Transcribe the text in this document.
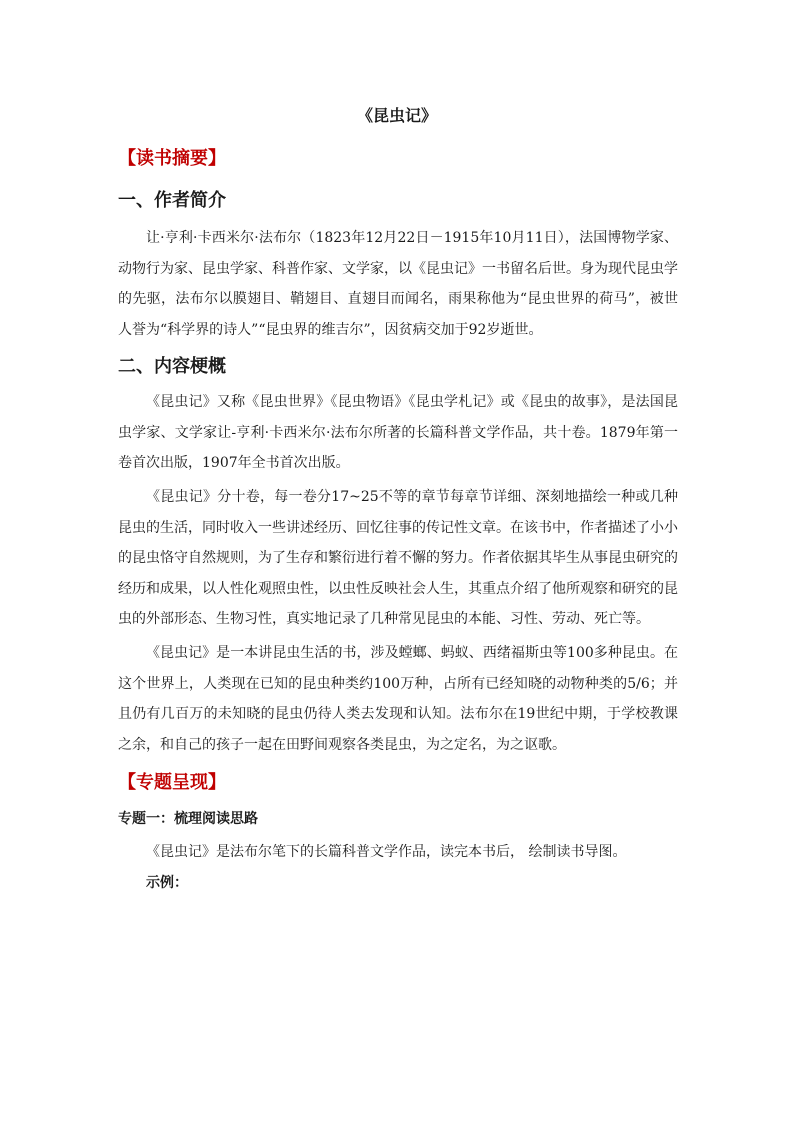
《昆虫记》
【读书摘要】
一、作者简介

让·亨利·卡西米尔·法布尔（1823年12月22日－1915年10月11日），法国博物学家、动物行为家、昆虫学家、科普作家、文学家，以《昆虫记》一书留名后世。身为现代昆虫学的先驱，法布尔以膜翅目、鞘翅目、直翅目而闻名，雨果称他为“昆虫世界的荷马”，被世人誉为“科学界的诗人”“昆虫界的维吉尔”，因贫病交加于92岁逝世。

二、内容梗概

《昆虫记》又称《昆虫世界》《昆虫物语》《昆虫学札记》或《昆虫的故事》，是法国昆虫学家、文学家让-亨利·卡西米尔·法布尔所著的长篇科普文学作品，共十卷。1879年第一卷首次出版，1907年全书首次出版。

《昆虫记》分十卷，每一卷分17~25不等的章节每章节详细、深刻地描绘一种或几种昆虫的生活，同时收入一些讲述经历、回忆往事的传记性文章。在该书中，作者描述了小小的昆虫恪守自然规则，为了生存和繁衍进行着不懈的努力。作者依据其毕生从事昆虫研究的经历和成果，以人性化观照虫性，以虫性反映社会人生，其重点介绍了他所观察和研究的昆虫的外部形态、生物习性，真实地记录了几种常见昆虫的本能、习性、劳动、死亡等。

《昆虫记》是一本讲昆虫生活的书，涉及螳螂、蚂蚁、西绪福斯虫等100多种昆虫。在这个世界上，人类现在已知的昆虫种类约100万种，占所有已经知晓的动物种类的5/6；并且仍有几百万的未知晓的昆虫仍待人类去发现和认知。法布尔在19世纪中期，于学校教课之余，和自己的孩子一起在田野间观察各类昆虫，为之定名，为之讴歌。

【专题呈现】
专题一：梳理阅读思路

《昆虫记》是法布尔笔下的长篇科普文学作品，读完本书后， 绘制读书导图。

示例：
